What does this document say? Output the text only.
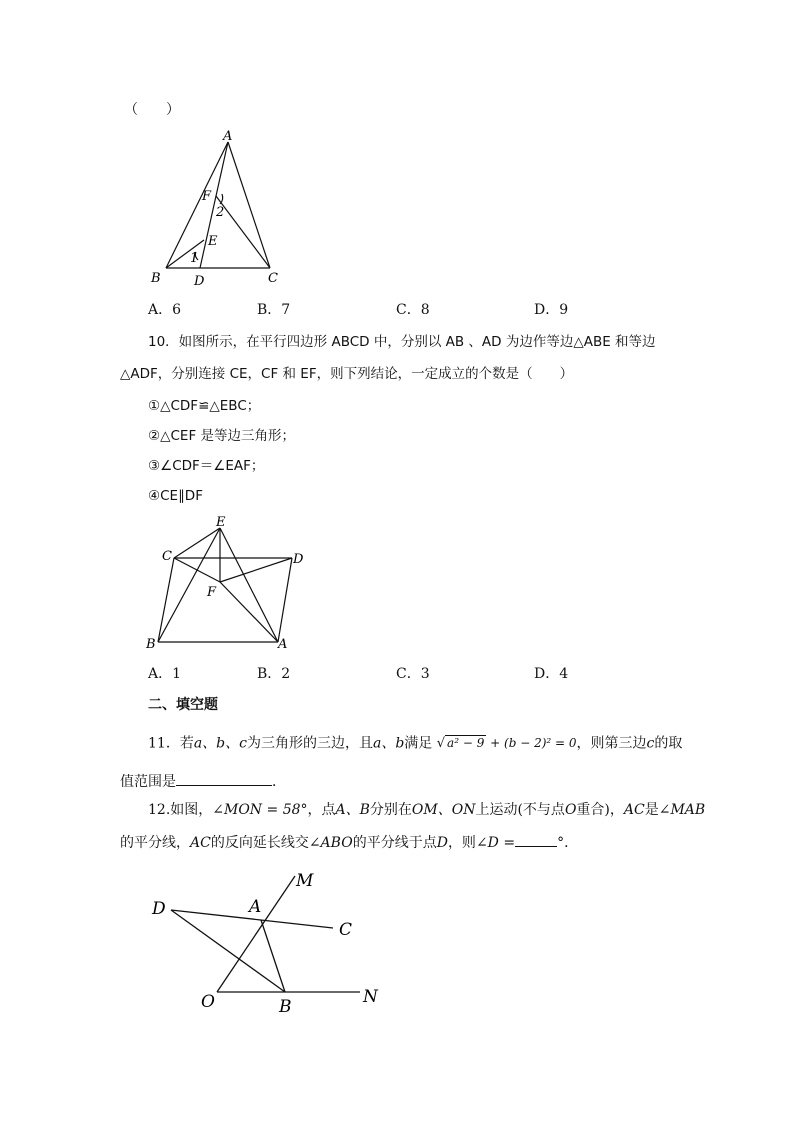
（　　）
A
F
2
E
1
B	D	C
A．6	B．7	C．8	D．9
10．如图所示，在平行四边形 ABCD 中，分别以 AB 、AD 为边作等边△ABE 和等边
△ADF，分别连接 CE，CF 和 EF，则下列结论，一定成立的个数是（　　）
①△CDF≌△EBC；
②△CEF 是等边三角形；
③∠CDF＝∠EAF；
④CE∥DF
E
C	D
F
B	A
A．1	B．2	C．3	D．4
二、填空题
11．若a、b、c为三角形的三边，且a、b满足 √ a² − 9 + (b − 2)² = 0，则第三边c的取
值范围是	．
12.如图，∠MON = 58°，点A、B分别在OM、ON上运动(不与点O重合)，AC是∠MAB
的平分线，AC的反向延长线交∠ABO的平分线于点D，则∠D =	°．
M
D	A
C
O	B	N
